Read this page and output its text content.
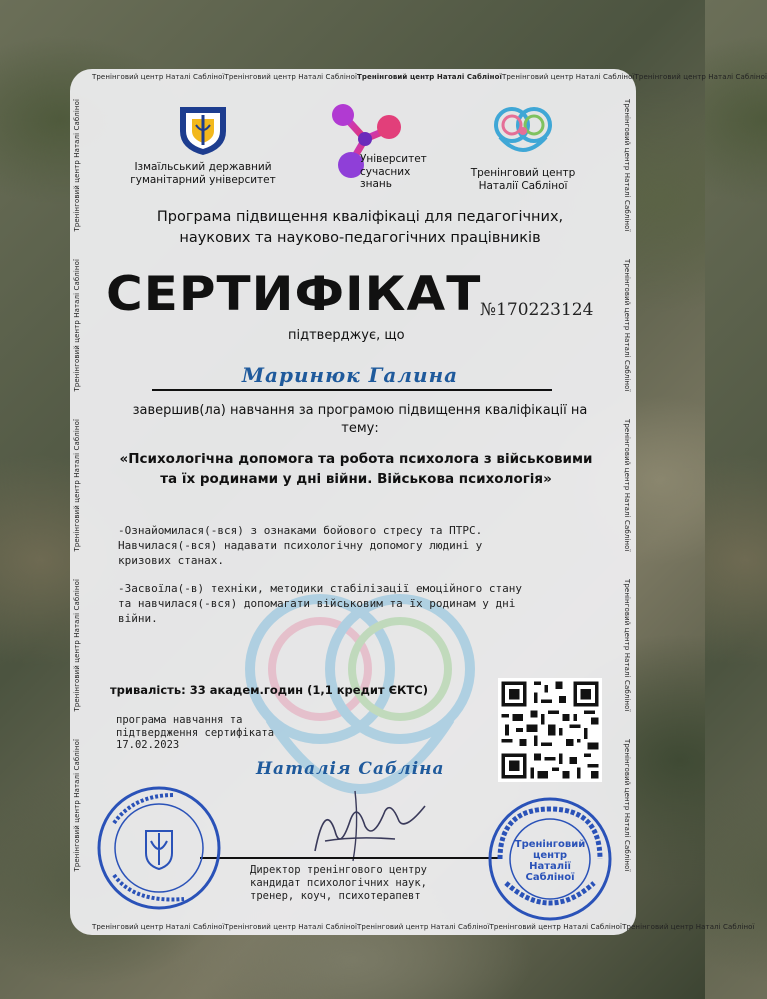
Тренінговий центр Наталі Сабліної Тренінговий центр Наталі Сабліної Тренінговий центр Наталі Сабліної Тренінговий центр Наталі Сабліної Тренінговий центр Наталі Сабліної
Тренінговий центр Наталі Сабліної Тренінговий центр Наталі Сабліної Тренінговий центр Наталі Сабліної Тренінговий центр Наталі Сабліної Тренінговий центр Наталі Сабліної
Тренінговий центр Наталі Сабліної
Тренінговий центр Наталі Сабліної
Тренінговий центр Наталі Сабліної
Тренінговий центр Наталі Сабліної
Тренінговий центр Наталі Сабліної
Тренінговий центр Наталі Сабліної
Тренінговий центр Наталі Сабліної
Тренінговий центр Наталі Сабліної
Тренінговий центр Наталі Сабліної
Тренінговий центр Наталі Сабліної
Ізмаїльський державний гуманітарний університет
Університет
сучасних
знань
Тренінговий центр
Наталії Сабліної
Програма підвищення кваліфікаці для педагогічних,
наукових та науково-педагогічних працівників
СЕРТИФІКАТ
№170223124
підтверджує, що
Маринюк Галина
завершив(ла) навчання за програмою підвищення кваліфікації на
тему:
«Психологічна допомога та робота психолога з військовими
та їх родинами у дні війни. Військова психологія»
-Ознайомилася(-вся) з ознаками бойового стресу та ПТРС.
Навчилася(-вся) надавати психологічну допомогу людині у
кризових станах.
-Засвоїла(-в) техніки, методики стабілізації емоційного стану
та навчилася(-вся) допомагати військовим та їх родинам у дні
війни.
тривалість: 33 академ.годин (1,1 кредит ЄКТС)
програма навчання та
підтвердження сертифіката
17.02.2023
Наталія Сабліна
Директор тренінгового центру
кандидат психологічних наук,
тренер, коуч, психотерапевт
Тренінговий
центр
Наталії
Сабліної
